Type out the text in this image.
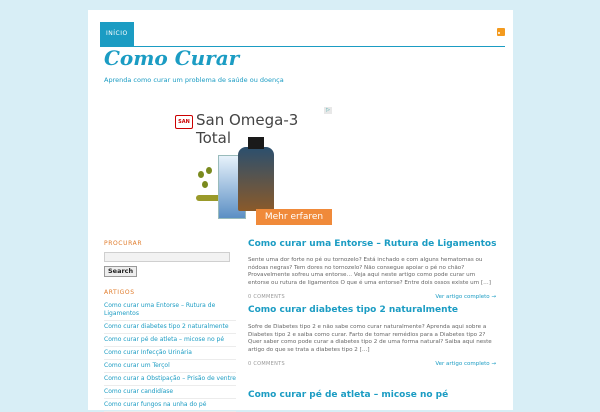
INÍCIO
Como Curar
Aprenda como curar um problema de saúde ou doença
▷
SAN San Omega-3 Total
Mehr erfaren
PROCURAR
Search
ARTIGOS
Como curar uma Entorse – Rutura de Ligamentos
Como curar diabetes tipo 2 naturalmente
Como curar pé de atleta – micose no pé
Como curar Infecção Urinária
Como curar um Terçol
Como curar a Obstipação – Prisão de ventre
Como curar candidíase
Como curar fungos na unha do pé
Como curar uma Entorse – Rutura de Ligamentos

Sente uma dor forte no pé ou tornozelo? Está inchado e com alguns hematomas ou nódoas negras? Tem dores no tornozelo? Não consegue apoiar o pé no chão? Provavelmente sofreu uma entorse… Veja aqui neste artigo como pode curar um entorse ou rutura de ligamentos O que é uma entorse? Entre dois ossos existe um […]

0 COMMENTS	Ver artigo completo →
Como curar diabetes tipo 2 naturalmente

Sofre de Diabetes tipo 2 e não sabe como curar naturalmente? Aprenda aqui sobre a Diabetes tipo 2 e saiba como curar. Farto de tomar remédios para a Diabetes tipo 2? Quer saber como pode curar a diabetes tipo 2 de uma forma natural? Saiba aqui neste artigo do que se trata a diabetes tipo 2 […]

0 COMMENTS	Ver artigo completo →
Como curar pé de atleta – micose no pé
